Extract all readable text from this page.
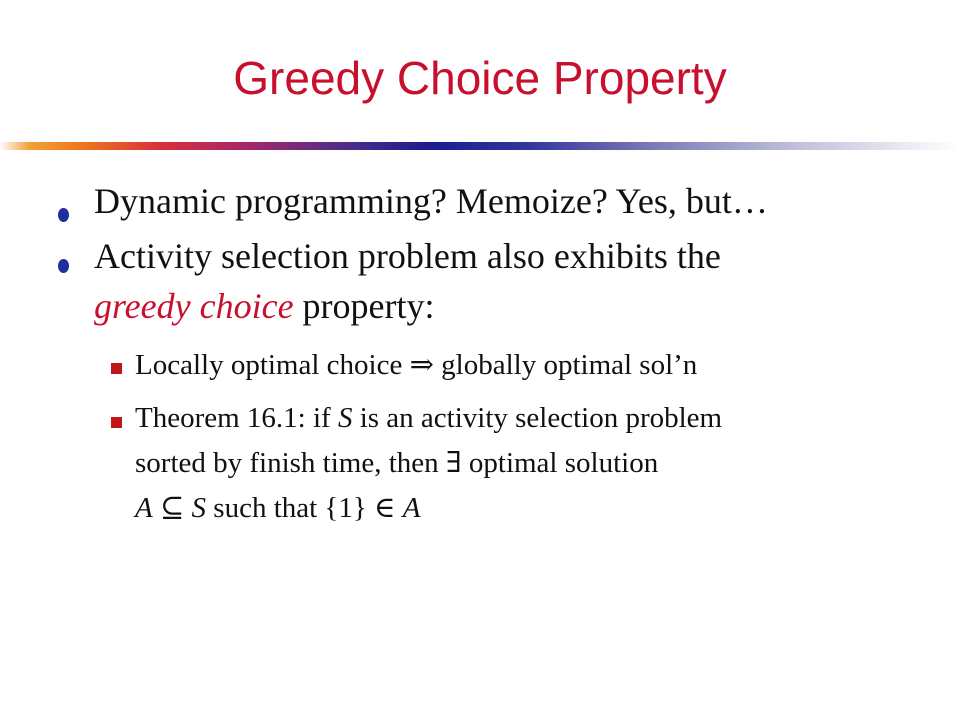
Greedy Choice Property
Dynamic programming? Memoize? Yes, but…
Activity selection problem also exhibits the
greedy choice property:
Locally optimal choice ⇒ globally optimal sol’n
Theorem 16.1: if S is an activity selection problem
sorted by finish time, then ∃ optimal solution
A ⊆ S such that {1} ∈ A
